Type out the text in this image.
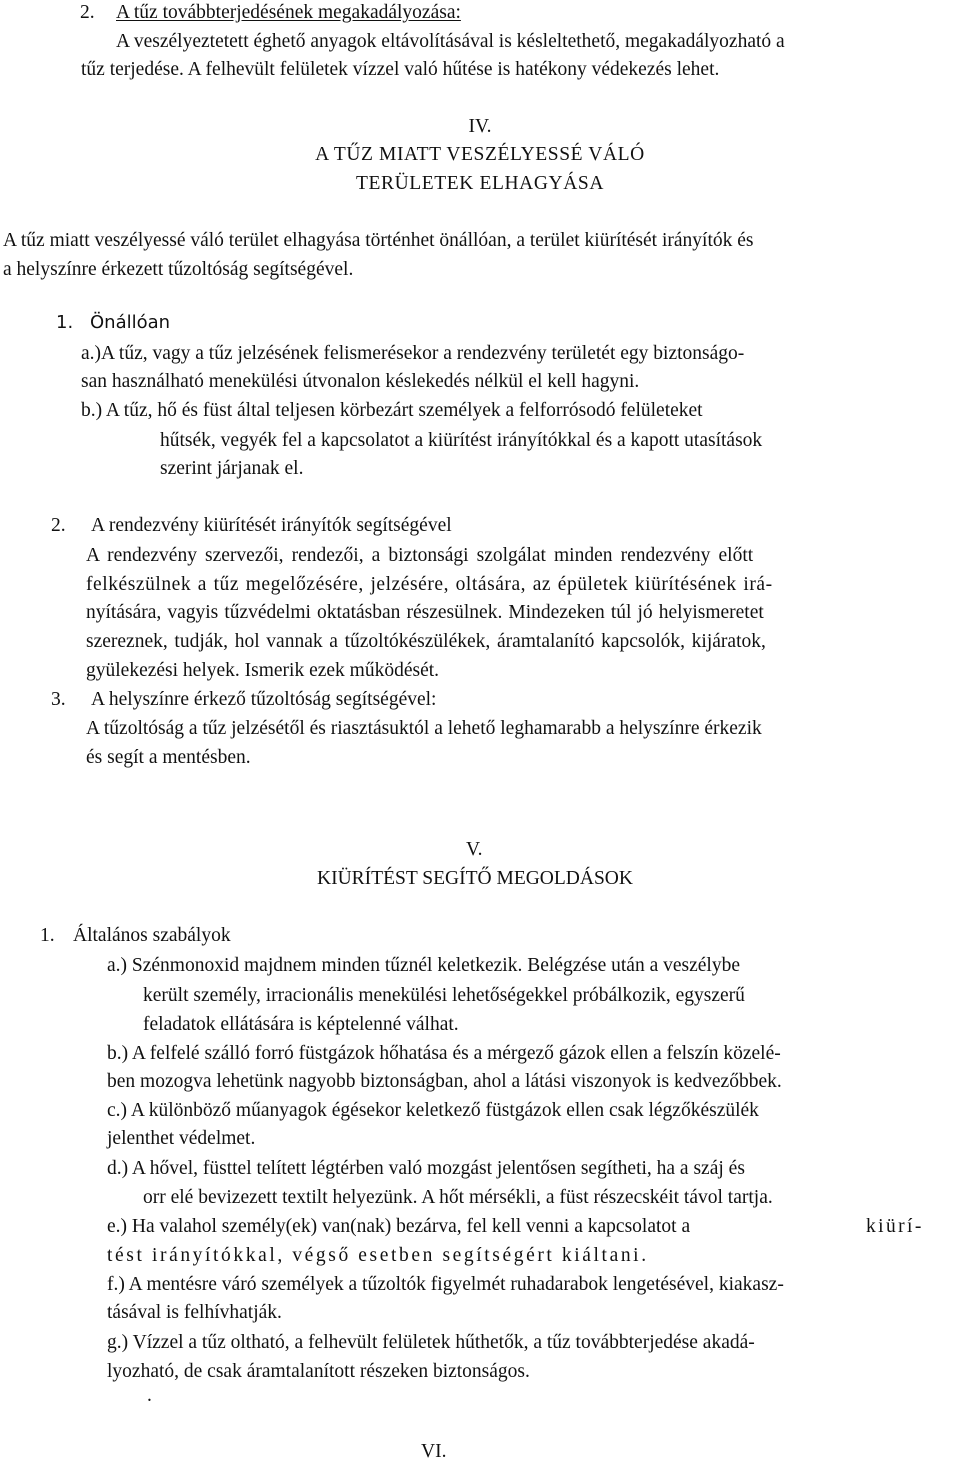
2. A tűz továbbterjedésének megakadályozása:
A veszélyeztetett éghető anyagok eltávolításával is késleltethető, megakadályozható a
tűz terjedése. A felhevült felületek vízzel való hűtése is hatékony védekezés lehet.
IV.
A TŰZ MIATT VESZÉLYESSÉ VÁLÓ
TERÜLETEK ELHAGYÁSA
A tűz miatt veszélyessé váló terület elhagyása történhet önállóan, a terület kiürítését irányítók és
a helyszínre érkezett tűzoltóság segítségével.
1. Önállóan
a.)A tűz, vagy a tűz jelzésének felismerésekor a rendezvény területét egy biztonságo-
san használható menekülési útvonalon késlekedés nélkül el kell hagyni.
b.) A tűz, hő és füst által teljesen körbezárt személyek a felforrósodó felületeket
hűtsék, vegyék fel a kapcsolatot a kiürítést irányítókkal és a kapott utasítások
szerint járjanak el.
2. A rendezvény kiürítését irányítók segítségével
A rendezvény szervezői, rendezői, a biztonsági szolgálat minden rendezvény előtt
felkészülnek a tűz megelőzésére, jelzésére, oltására, az épületek kiürítésének irá-
nyítására, vagyis tűzvédelmi oktatásban részesülnek. Mindezeken túl jó helyismeretet
szereznek, tudják, hol vannak a tűzoltókészülékek, áramtalanító kapcsolók, kijáratok,
gyülekezési helyek. Ismerik ezek működését.
3. A helyszínre érkező tűzoltóság segítségével:
A tűzoltóság a tűz jelzésétől és riasztásuktól a lehető leghamarabb a helyszínre érkezik
és segít a mentésben.
V.
KIÜRÍTÉST SEGÍTŐ MEGOLDÁSOK
1. Általános szabályok
a.) Szénmonoxid majdnem minden tűznél keletkezik. Belégzése után a veszélybe
került személy, irracionális menekülési lehetőségekkel próbálkozik, egyszerű
feladatok ellátására is képtelenné válhat.
b.) A felfelé szálló forró füstgázok hőhatása és a mérgező gázok ellen a felszín közelé-
ben mozogva lehetünk nagyobb biztonságban, ahol a látási viszonyok is kedvezőbbek.
c.) A különböző műanyagok égésekor keletkező füstgázok ellen csak légzőkészülék
jelenthet védelmet.
d.) A hővel, füsttel telített légtérben való mozgást jelentősen segítheti, ha a száj és
orr elé bevizezett textilt helyezünk. A hőt mérsékli, a füst részecskéit távol tartja.
e.) Ha valahol személy(ek) van(nak) bezárva, fel kell venni a kapcsolatot a	kiürí-
tést irányítókkal, végső esetben segítségért kiáltani.
f.) A mentésre váró személyek a tűzoltók figyelmét ruhadarabok lengetésével, kiakasz-
tásával is felhívhatják.
g.) Vízzel a tűz oltható, a felhevült felületek hűthetők, a tűz továbbterjedése akadá-
lyozható, de csak áramtalanított részeken biztonságos.
.
VI.
